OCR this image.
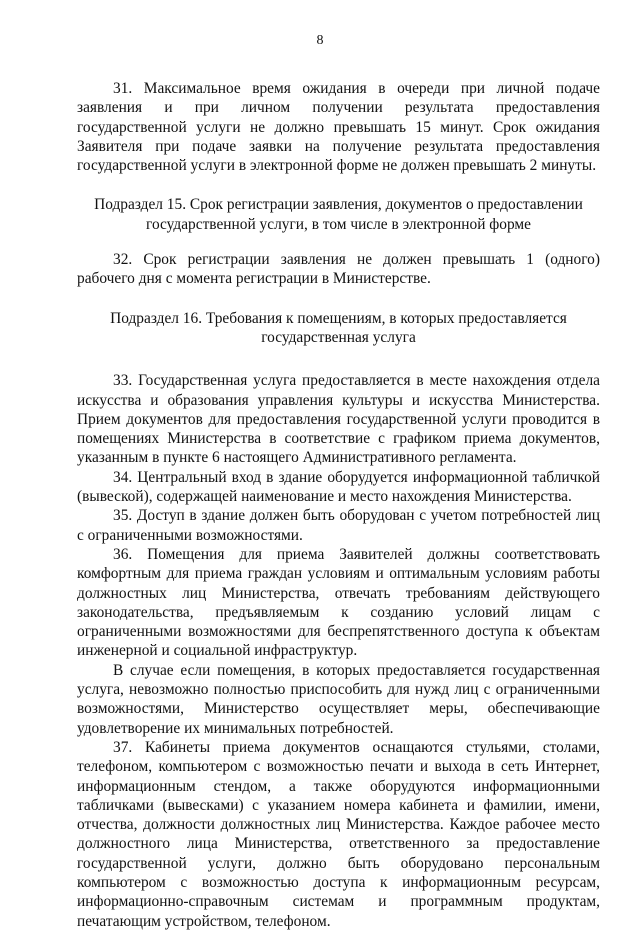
8

31. Максимальное время ожидания в очереди при личной подаче заявления и при личном получении результата предоставления государственной услуги не должно превышать 15 минут. Срок ожидания Заявителя при подаче заявки на получение результата предоставления государственной услуги в электронной форме не должен превышать 2 минуты.

Подраздел 15. Срок регистрации заявления, документов о предоставлении государственной услуги, в том числе в электронной форме

32. Срок регистрации заявления не должен превышать 1 (одного) рабочего дня с момента регистрации в Министерстве.

Подраздел 16. Требования к помещениям, в которых предоставляется государственная услуга

33. Государственная услуга предоставляется в месте нахождения отдела искусства и образования управления культуры и искусства Министерства. Прием документов для предоставления государственной услуги проводится в помещениях Министерства в соответствие с графиком приема документов, указанным в пункте 6 настоящего Административного регламента.

34. Центральный вход в здание оборудуется информационной табличкой (вывеской), содержащей наименование и место нахождения Министерства.

35. Доступ в здание должен быть оборудован с учетом потребностей лиц с ограниченными возможностями.

36. Помещения для приема Заявителей должны соответствовать комфортным для приема граждан условиям и оптимальным условиям работы должностных лиц Министерства, отвечать требованиям действующего законодательства, предъявляемым к созданию условий лицам с ограниченными возможностями для беспрепятственного доступа к объектам инженерной и социальной инфраструктур.

В случае если помещения, в которых предоставляется государственная услуга, невозможно полностью приспособить для нужд лиц с ограниченными возможностями, Министерство осуществляет меры, обеспечивающие удовлетворение их минимальных потребностей.

37. Кабинеты приема документов оснащаются стульями, столами, телефоном, компьютером с возможностью печати и выхода в сеть Интернет, информационным стендом, а также оборудуются информационными табличками (вывесками) с указанием номера кабинета и фамилии, имени, отчества, должности должностных лиц Министерства. Каждое рабочее место должностного лица Министерства, ответственного за предоставление государственной услуги, должно быть оборудовано персональным компьютером с возможностью доступа к информационным ресурсам, информационно-справочным системам и программным продуктам, печатающим устройством, телефоном.
